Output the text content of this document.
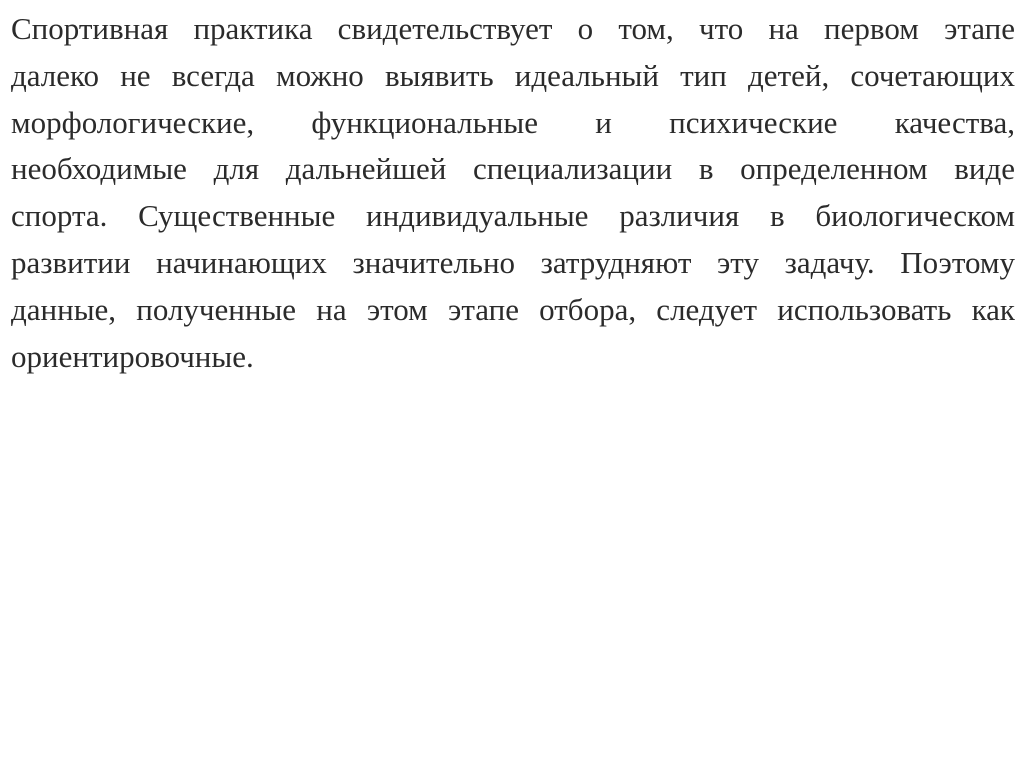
Спортивная практика свидетельствует о том, что на первом этапе
далеко не всегда можно выявить идеальный тип детей, сочетающих
морфологические, функциональные и психические качества,
необходимые для дальнейшей специализации в определенном виде
спорта. Существенные индивидуальные различия в биологическом
развитии начинающих значительно затрудняют эту задачу. Поэтому
данные, полученные на этом этапе отбора, следует использовать как
ориентировочные.
